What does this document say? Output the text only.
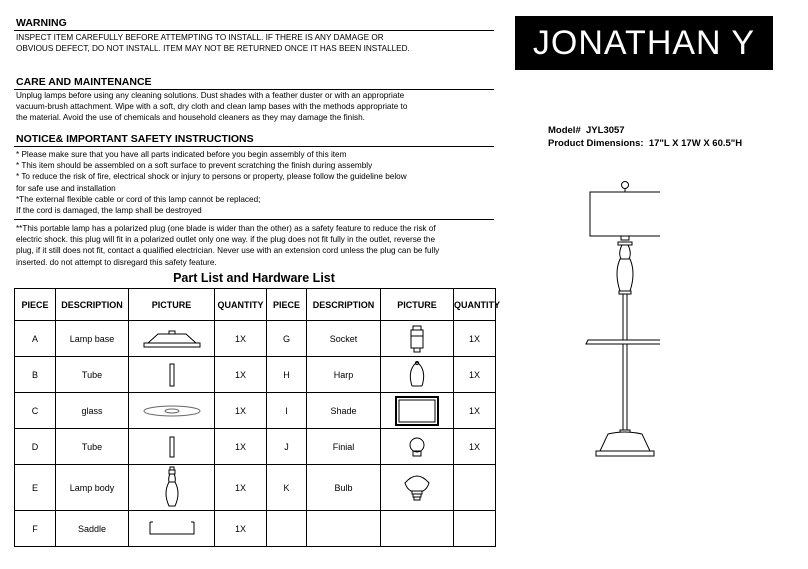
WARNING
INSPECT ITEM CAREFULLY BEFORE ATTEMPTING TO INSTALL. IF THERE IS ANY DAMAGE OR
OBVIOUS DEFECT, DO NOT INSTALL. ITEM MAY NOT BE RETURNED ONCE IT HAS BEEN INSTALLED.
CARE AND MAINTENANCE
Unplug lamps before using any cleaning solutions. Dust shades with a feather duster or with an appropriate
vacuum-brush attachment. Wipe with a soft, dry cloth and clean lamp bases with the methods appropriate to
the material. Avoid the use of chemicals and household cleaners as they may damage the finish.
NOTICE& IMPORTANT SAFETY INSTRUCTIONS
* Please make sure that you have all parts indicated before you begin assembly of this item
* This item should be assembled on a soft surface to prevent scratching the finish during assembly
* To reduce the risk of fire, electrical shock or injury to persons or property, please follow the guideline below
for safe use and installation
*The external flexible cable or cord of this lamp cannot be replaced;
If the cord is damaged, the lamp shall be destroyed
**This portable lamp has a polarized plug (one blade is wider than the other) as a safety feature to reduce the risk of
electric shock. this plug will fit in a polarized outlet only one way. if the plug does not fit fully in the outlet, reverse the
plug, if it still does not fit, contact a qualified electrician. Never use with an extension cord unless the plug can be fully
inserted. do not attempt to disregard this safety feature.
JONATHAN Y
Model# JYL3057
Product Dimensions: 17"L X 17W X 60.5"H
Part List and Hardware List
PIECE	DESCRIPTION	PICTURE	QUANTITY	PIECE	DESCRIPTION	PICTURE	QUANTITY
A	Lamp base		1X	G	Socket		1X
B	Tube		1X	H	Harp		1X
C	glass		1X	I	Shade		1X
D	Tube		1X	J	Finial		1X
E	Lamp body		1X	K	Bulb	

F	Saddle		1X				
